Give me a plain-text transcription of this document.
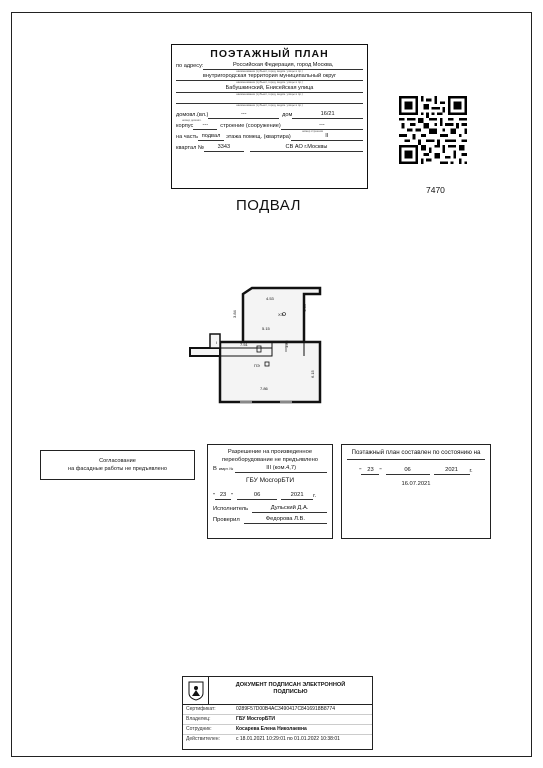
ПОЭТАЖНЫЙ ПЛАН
по адресу:	Российская Федерация, город Москва,
наименование (субъект, город, ведом. улицы и пр.)
внутригородская территория муниципальный округ
наименование (субъект, город, ведом. улицы и пр.)
Бабушкинский, Енисейская улица
наименование (субъект, город, ведом. улицы и пр.)

наименование (субъект, город, ведом. улицы и пр.)
домовл.(вл.)	---	дом	16/21
номер домовл.
корпус	---	строение (сооружение)	---
номер строения
на часть подвал	этажа помещ. (квартира)	II
квартал №	3343	СВ АО г.Москвы
7470
ПОДВАЛ
4.53
3.84
4.44
5.15
7.51	1.88
6.15
7.86
ПЭ
ХЭ
I
Согласование
на фасадные работы не предъявлено
Разрешение на произведенное
переоборудование не предъявлено
В кварт. №	III (ком.4,7)
ГБУ МосгорБТИ
" 23 "	06	2021	г.
Исполнитель	Дульский Д.А.
Проверил	Федорова Л.В.
Поэтажный план составлен по состоянию на
" 23 "	06	2021	г.
16.07.2021
ДОКУМЕНТ ПОДПИСАН ЭЛЕКТРОННОЙ
ПОДПИСЬЮ
Сертификат:	0289F57D00B4AC3490417C8416918B8774
Владелец:	ГБУ МосгорБТИ
Сотрудник:	Косарева Елена Николаевна
Действителен:	с 18.01.2021 10:29:01 по 01.01.2022 10:38:01
